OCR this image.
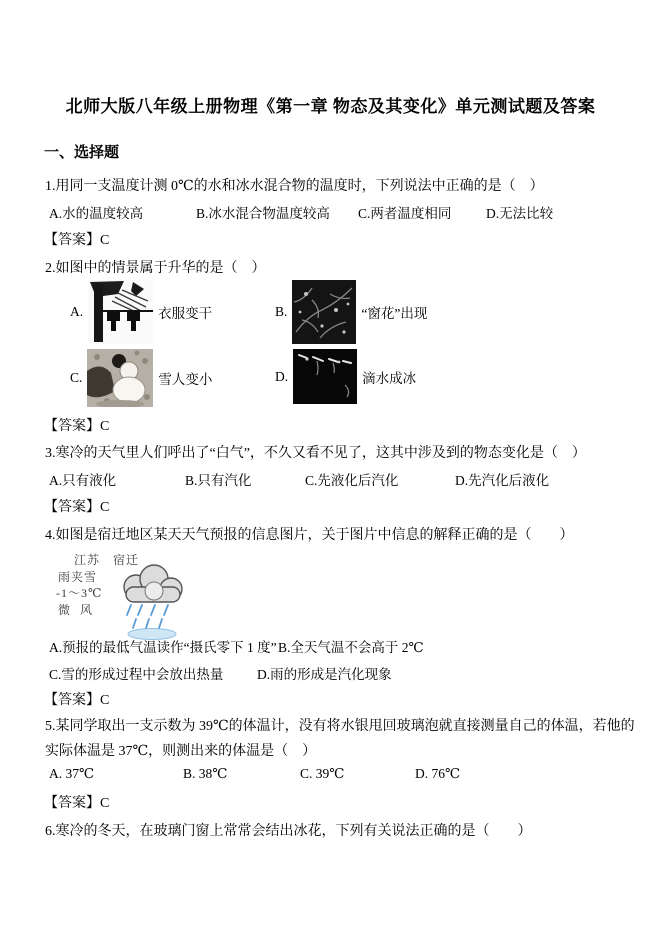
北师大版八年级上册物理《第一章 物态及其变化》单元测试题及答案
一、选择题
1.用同一支温度计测 0℃的水和冰水混合物的温度时，下列说法中正确的是（　）
A.水的温度较高	B.冰水混合物温度较高	C.两者温度相同	D.无法比较
【答案】C
2.如图中的情景属于升华的是（　）
A.	衣服变干	B.	“窗花”出现
C.	雪人变小	D.	滴水成冰
【答案】C
3.寒冷的天气里人们呼出了“白气”，不久又看不见了，这其中涉及到的物态变化是（　）
A.只有液化	B.只有汽化	C.先液化后汽化	D.先汽化后液化
【答案】C
4.如图是宿迁地区某天天气预报的信息图片，关于图片中信息的解释正确的是（　　）
江苏　宿迁
雨夹雪
-1～3℃
微风
A.预报的最低气温读作“摄氏零下 1 度” B.全天气温不会高于 2℃
C.雪的形成过程中会放出热量	D.雨的形成是汽化现象
【答案】C
5.某同学取出一支示数为 39℃的体温计，没有将水银甩回玻璃泡就直接测量自己的体温，若他的实际体温是 37℃，则测出来的体温是（　）
A. 37℃	B. 38℃	C. 39℃	D. 76℃
【答案】C
6.寒冷的冬天，在玻璃门窗上常常会结出冰花，下列有关说法正确的是（　　）
